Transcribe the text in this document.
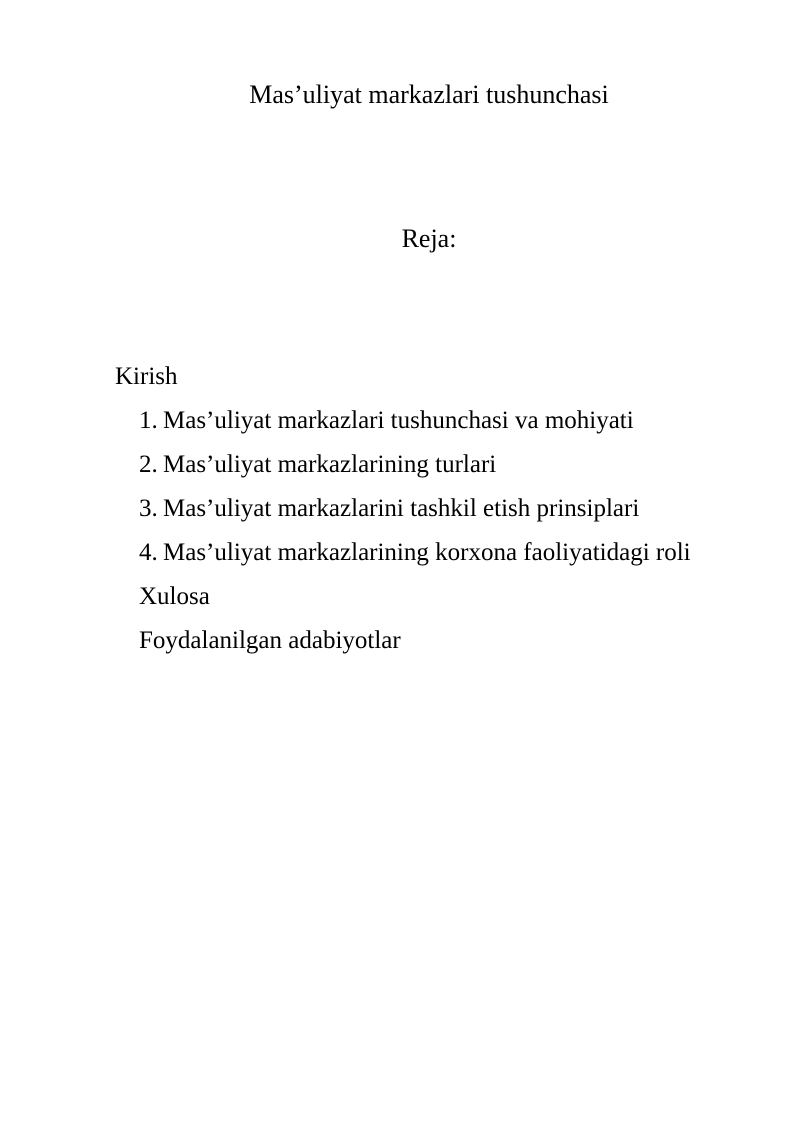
Mas’uliyat markazlari tushunchasi
Reja:
Kirish
1. Mas’uliyat markazlari tushunchasi va mohiyati
2. Mas’uliyat markazlarining turlari
3. Mas’uliyat markazlarini tashkil etish prinsiplari
4. Mas’uliyat markazlarining korxona faoliyatidagi roli
Xulosa
Foydalanilgan adabiyotlar
